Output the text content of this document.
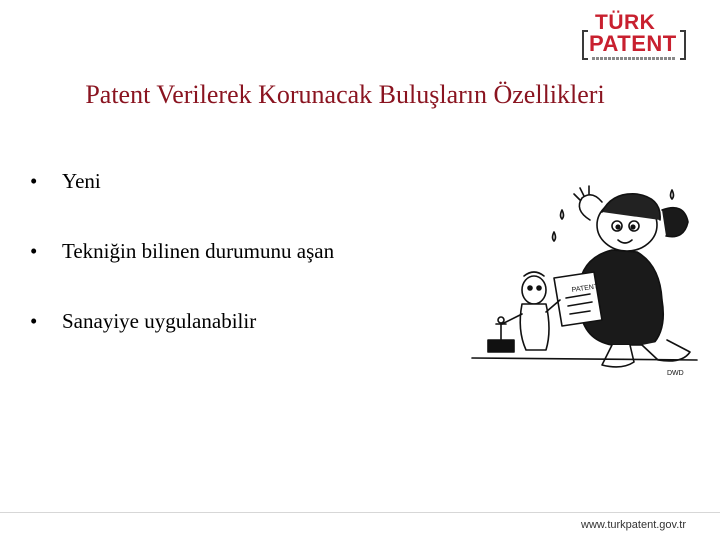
TÜRK
PATENT
Patent Verilerek Korunacak Buluşların Özellikleri
• Yeni
• Tekniğin bilinen durumunu aşan
• Sanayiye uygulanabilir
PATENT
DWD
www.turkpatent.gov.tr
